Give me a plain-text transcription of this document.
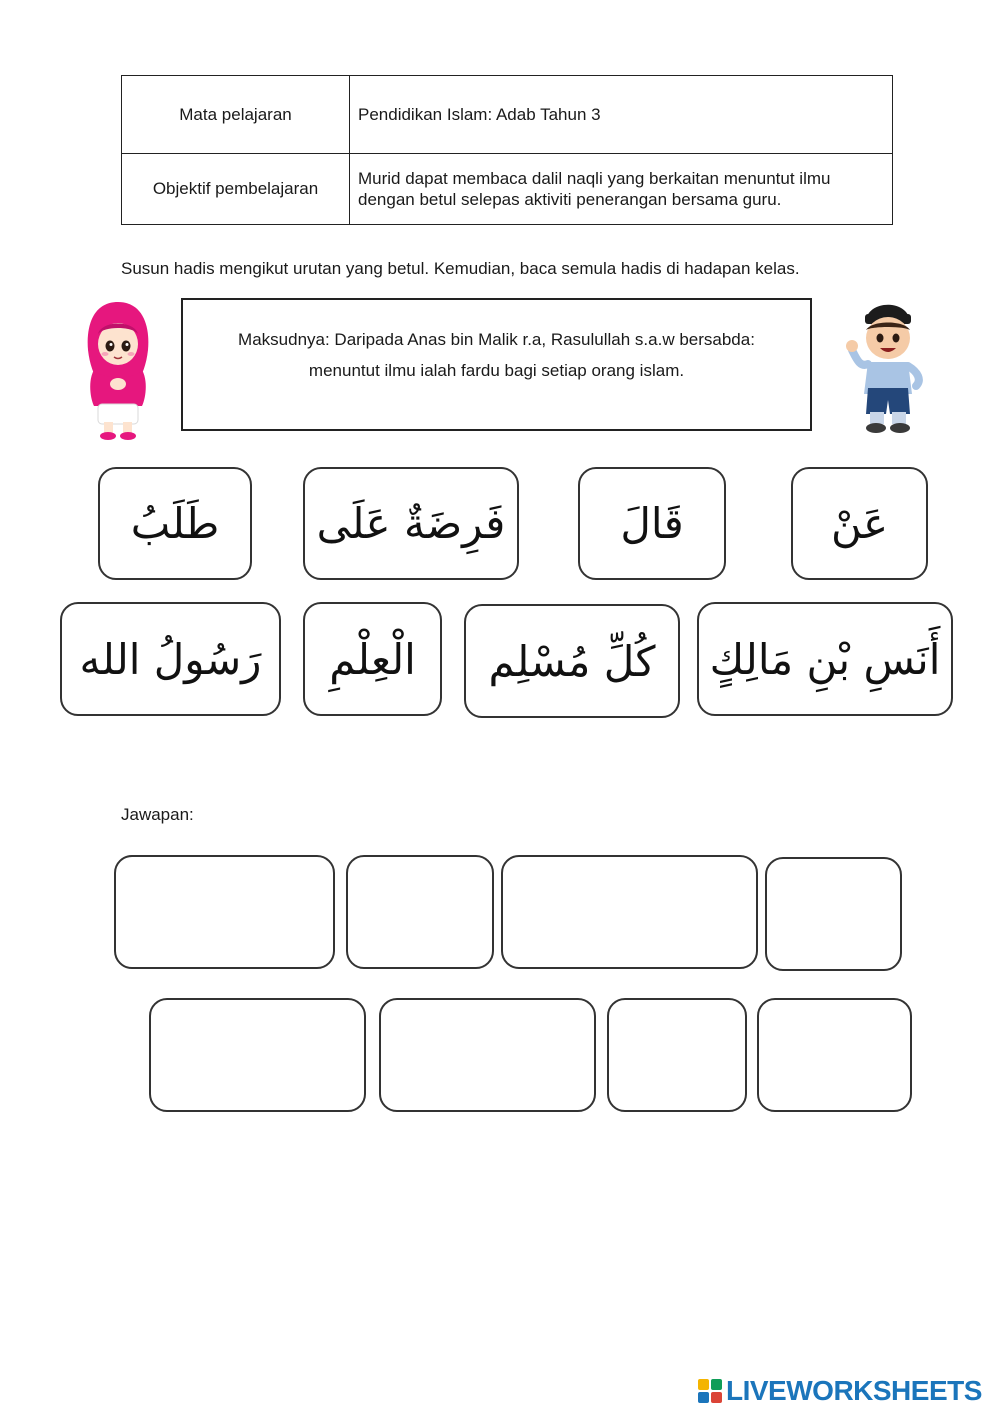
Mata pelajaran	Pendidikan Islam: Adab Tahun 3
Objektif pembelajaran	Murid dapat membaca dalil naqli yang berkaitan menuntut ilmu dengan betul selepas aktiviti penerangan bersama guru.
Susun hadis mengikut urutan yang betul. Kemudian, baca semula hadis di hadapan kelas.
Maksudnya: Daripada Anas bin Malik r.a, Rasulullah s.a.w bersabda:
menuntut ilmu ialah fardu bagi setiap orang islam.
طَلَبُ	فَرِضَةٌ عَلَى	قَالَ	عَنْ
رَسُولُ الله	الْعِلْمِ	كُلِّ مُسْلِم	أَنَسِ بْنِ مَالِكٍ
Jawapan:
LIVEWORKSHEETS
